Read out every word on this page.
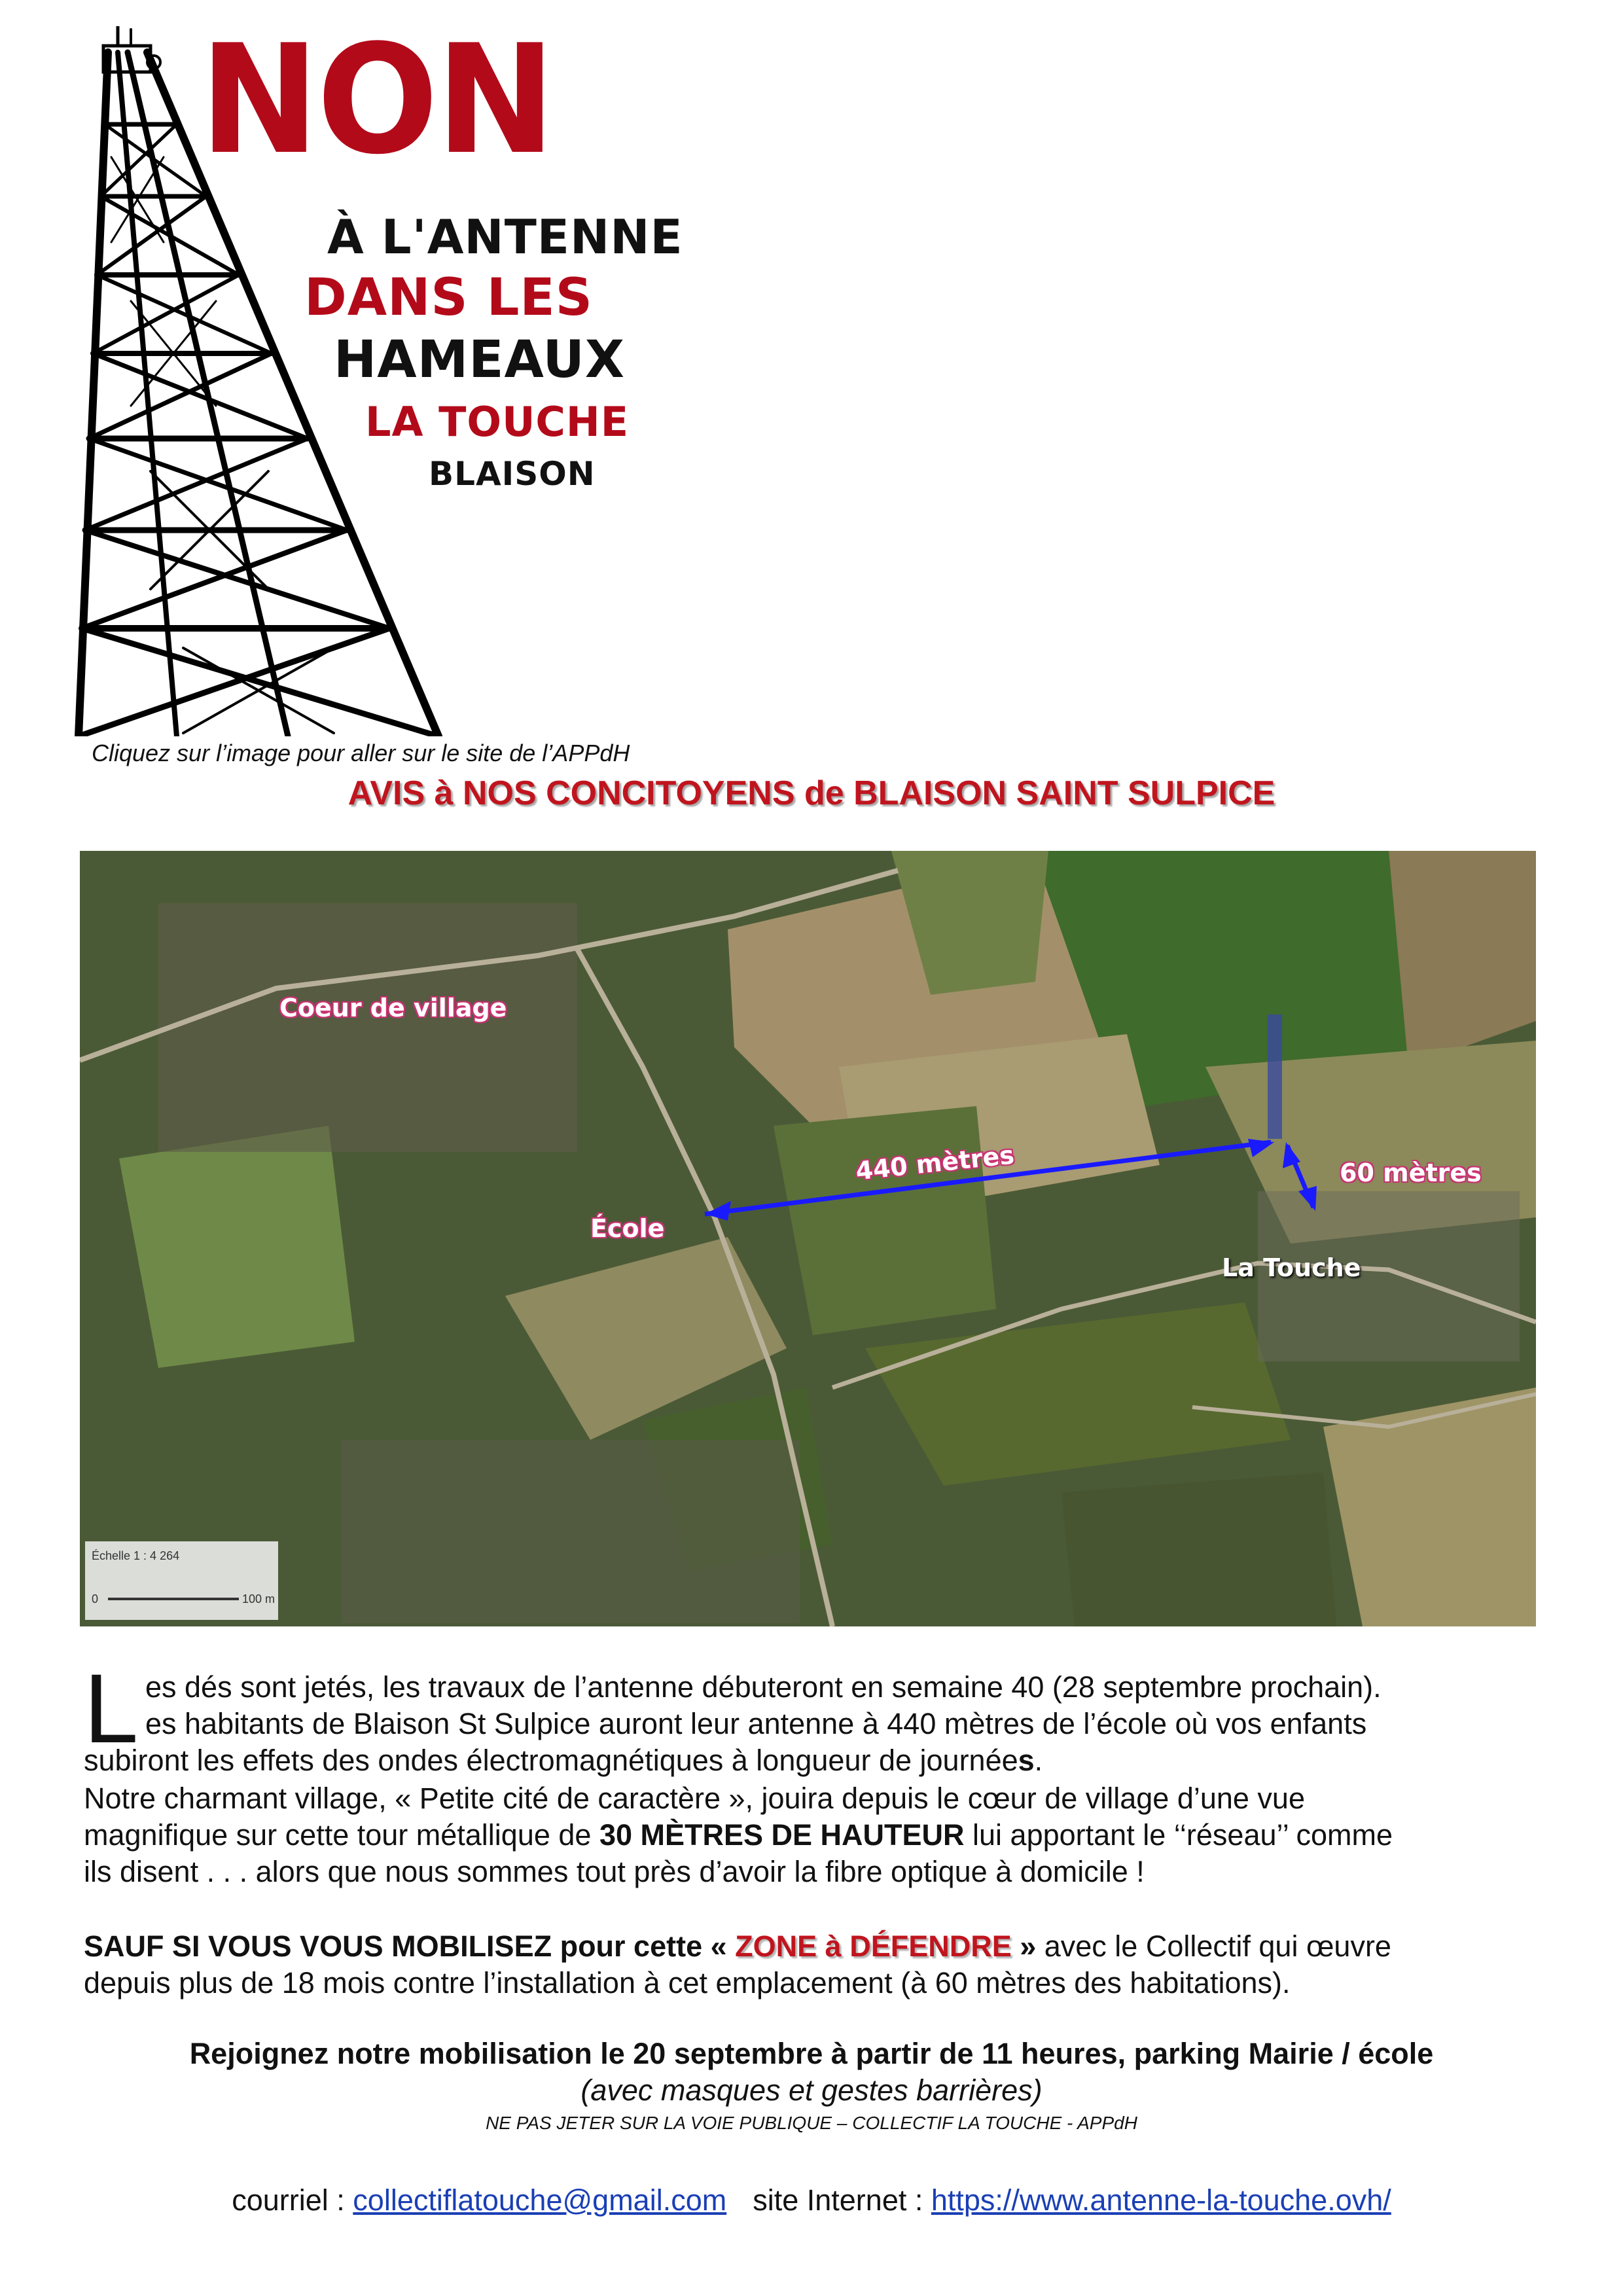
NON
À L'ANTENNE
DANS LES
HAMEAUX
LA TOUCHE
BLAISON
Cliquez sur l’image pour aller sur le site de l’APPdH
AVIS à NOS CONCITOYENS de BLAISON SAINT SULPICE
Coeur de village
École
440 mètres	60 mètres
La Touche
Échelle 1 : 4 264
0	100 m
L es dés sont jetés, les travaux de l’antenne débuteront en semaine 40 (28 septembre prochain).
es habitants de Blaison St Sulpice auront leur antenne à 440 mètres de l’école où vos enfants
subiront les effets des ondes électromagnétiques à longueur de journées.
Notre charmant village, « Petite cité de caractère », jouira depuis le cœur de village d’une vue
magnifique sur cette tour métallique de 30 MÈTRES DE HAUTEUR lui apportant le ‘‘réseau’’ comme
ils disent . . . alors que nous sommes tout près d’avoir la fibre optique à domicile !
SAUF SI VOUS VOUS MOBILISEZ pour cette « ZONE à DÉFENDRE » avec le Collectif qui œuvre
depuis plus de 18 mois contre l’installation à cet emplacement (à 60 mètres des habitations).
Rejoignez notre mobilisation le 20 septembre à partir de 11 heures, parking Mairie / école
(avec masques et gestes barrières)
NE PAS JETER SUR LA VOIE PUBLIQUE – COLLECTIF LA TOUCHE - APPdH
courriel : collectiflatouche@gmail.com site Internet : https://www.antenne-la-touche.ovh/
